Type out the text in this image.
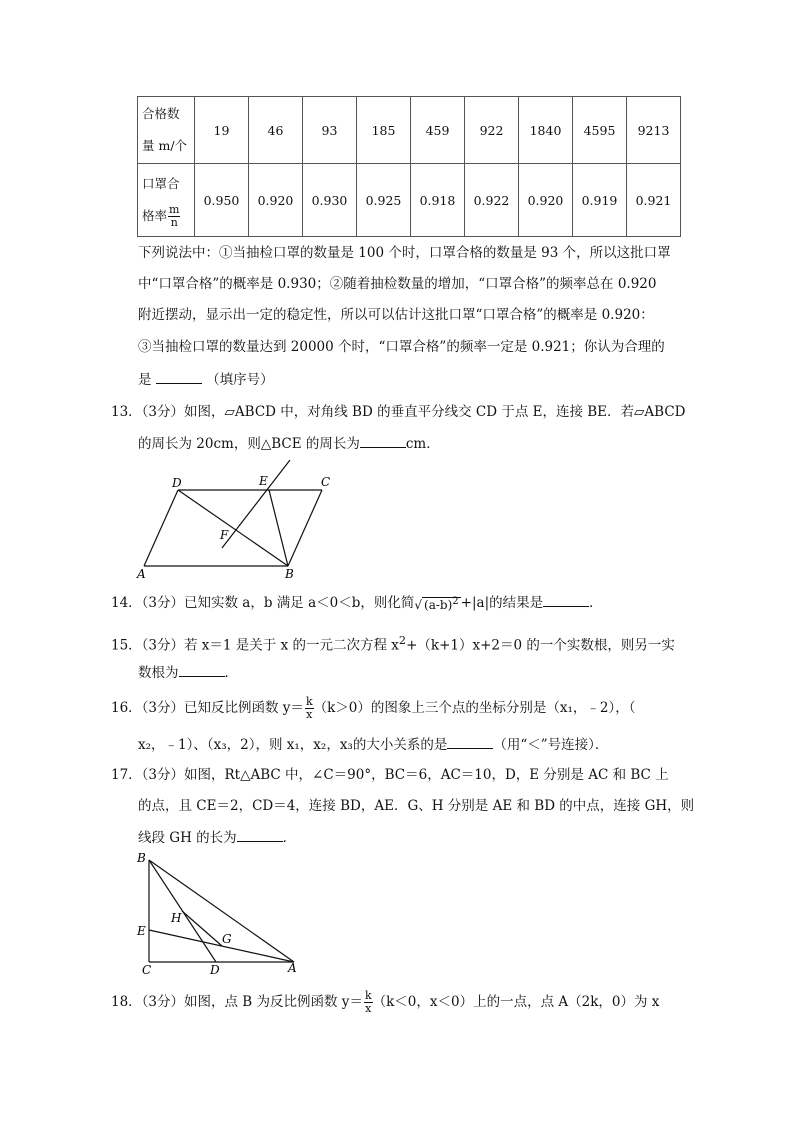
合格数
量 m/个	19	46	93	185	459	922	1840	4595	9213

口罩合
格率 $\frac{m}{n}$	0.950	0.920	0.930	0.925	0.918	0.922	0.920	0.919	0.921
下列说法中：①当抽检口罩的数量是 100 个时，口罩合格的数量是 93 个，所以这批口罩
中“口罩合格”的概率是 0.930；②随着抽检数量的增加，“口罩合格”的频率总在 0.920
附近摆动，显示出一定的稳定性，所以可以估计这批口罩“口罩合格”的概率是 0.920：
③当抽检口罩的数量达到 20000 个时，“口罩合格”的频率一定是 0.921；你认为合理的
是	（填序号）
13．（3分）如图，▱ABCD 中，对角线 BD 的垂直平分线交 CD 于点 E，连接 BE．若▱ABCD
的周长为 20cm，则△BCE 的周长为	cm．
D	E	C
F
A	B
14．（3分）已知实数 a，b 满足 a＜0＜b，则化简√ $(a-b)^2 +|a|$的结果是	．
15．（3分）若 x＝1 是关于 x 的一元二次方程 $x^2+(k+1)x+2=0$ 的一个实数根，则另一实
数根为	．
16．（3分）已知反比例函数 $y= \frac{k}{x} (k>0)$的图象上三个点的坐标分别是（x₁，﹣2），（
x₂，﹣1）、（x₃，2），则 x₁，x₂，x₃的大小关系的是	（用“＜”号连接）．
17．（3分）如图，Rt△ABC 中，∠C＝90°，BC＝6，AC＝10，D，E 分别是 AC 和 BC 上
的点，且 CE＝2，CD＝4，连接 BD，AE．G、H 分别是 AE 和 BD 的中点，连接 GH，则
线段 GH 的长为	．
B
H
E
G
C	D	A
18．（3分）如图，点 B 为反比例函数 $y= \frac{k}{x} (k<0$，x＜0）上的一点，点 A（2k，0）为 x
